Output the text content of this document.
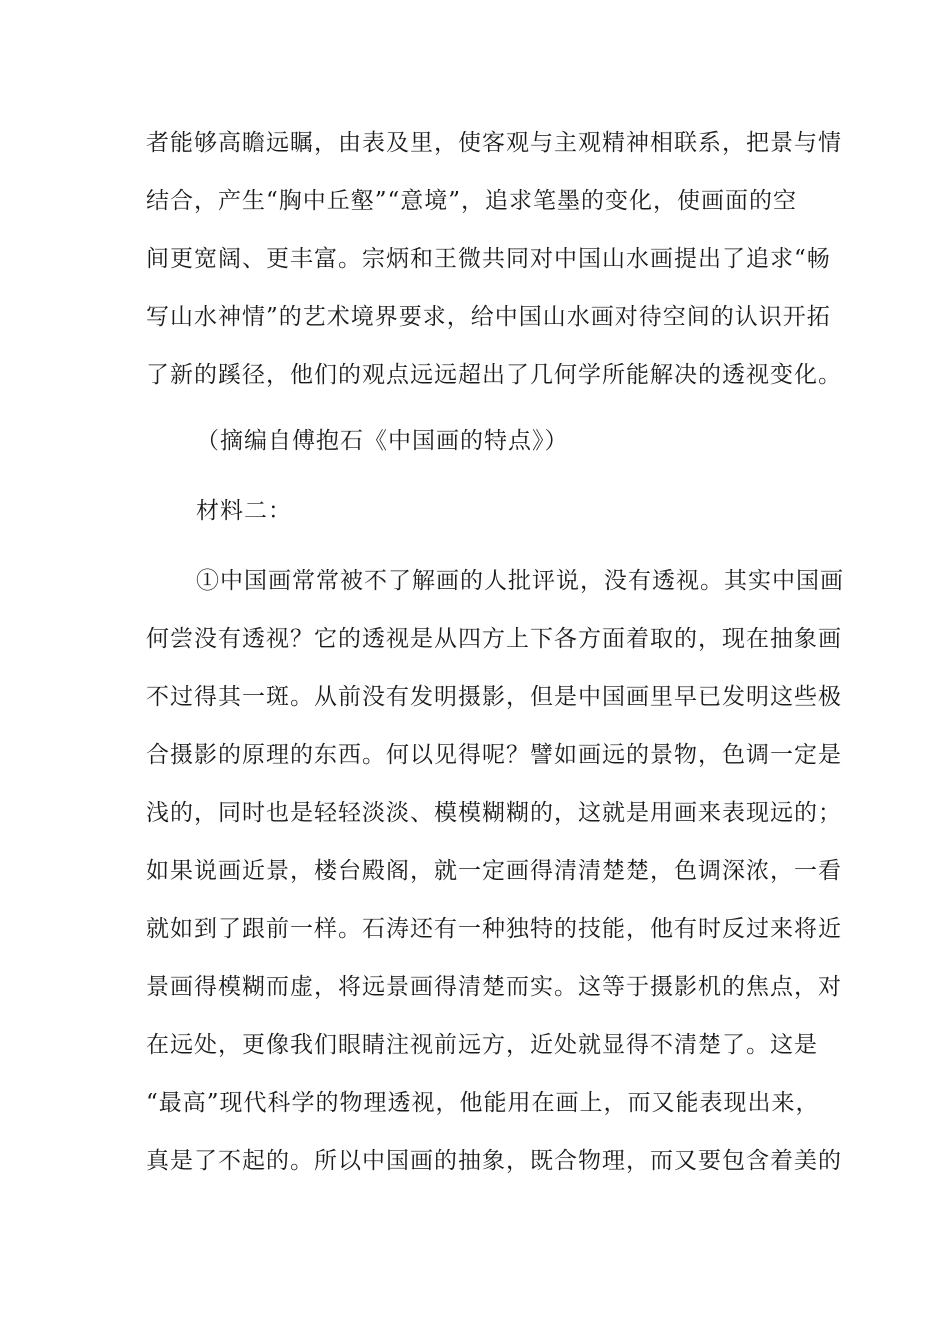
者能够高瞻远瞩，由表及里，使客观与主观精神相联系，把景与情
结合，产生“胸中丘壑”“意境”，追求笔墨的变化，使画面的空
间更宽阔、更丰富。宗炳和王微共同对中国山水画提出了追求“畅
写山水神情”的艺术境界要求，给中国山水画对待空间的认识开拓
了新的蹊径，他们的观点远远超出了几何学所能解决的透视变化。
（摘编自傅抱石《中国画的特点》）
材料二：
①中国画常常被不了解画的人批评说，没有透视。其实中国画
何尝没有透视？它的透视是从四方上下各方面着取的，现在抽象画
不过得其一斑。从前没有发明摄影，但是中国画里早已发明这些极
合摄影的原理的东西。何以见得呢？譬如画远的景物，色调一定是
浅的，同时也是轻轻淡淡、模模糊糊的，这就是用画来表现远的；
如果说画近景，楼台殿阁，就一定画得清清楚楚，色调深浓，一看
就如到了跟前一样。石涛还有一种独特的技能，他有时反过来将近
景画得模糊而虚，将远景画得清楚而实。这等于摄影机的焦点，对
在远处，更像我们眼睛注视前远方，近处就显得不清楚了。这是
“最高”现代科学的物理透视，他能用在画上，而又能表现出来，
真是了不起的。所以中国画的抽象，既合物理，而又要包含着美的
